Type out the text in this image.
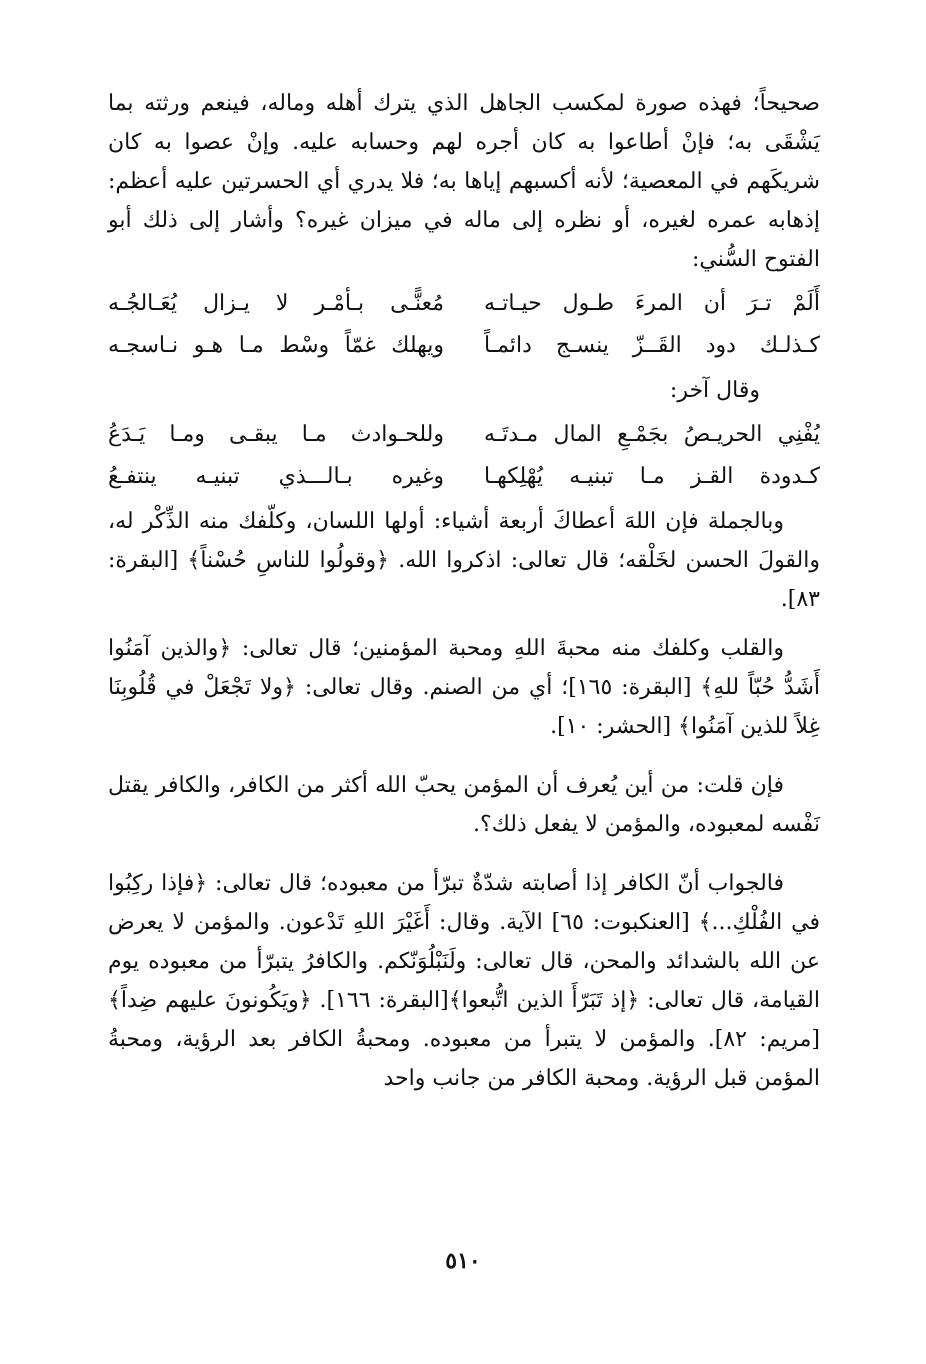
صحيحاً؛ فهذه صورة لمكسب الجاهل الذي يترك أهله وماله، فينعم ورثته بما يَشْقَى به؛ فإنْ أطاعوا به كان أجره لهم وحسابه عليه. وإنْ عصوا به كان شريكَهم في المعصية؛ لأنه أكسبهم إياها به؛ فلا يدري أي الحسرتين عليه أعظم: إذهابه عمره لغيره، أو نظره إلى ماله في ميزان غيره؟ وأشار إلى ذلك أبو الفتوح السُّني:

أَلَمْ تـرَ أن المرءَ طـول حيـاتـه
مُعنًّـى بـأمْـر لا يـزال يُعَـالجُـه
كـذلـك دود القَــزّ ينسـج دائمـاً
ويهلك غمّاً وسْط مـا هـو نـاسجـه

وقال آخر:

يُفْنِي الحريـصُ بجَمْـعِ المال مـدتَـه
وللحـوادث مـا يبقـى ومـا يَـدَعُ
كـدودة القـز مـا تبنيـه يُهْلِكهـا
وغيره بـالـــذي تبنيـه ينتفـعُ

وبالجملة فإن اللهَ أعطاكَ أربعة أشياء: أولها اللسان، وكلّفك منه الذِّكْر له، والقولَ الحسن لخَلْقه؛ قال تعالى: اذكروا الله. ﴿وقولُوا للناسِ حُسْناً﴾ [البقرة: ٨٣].

والقلب وكلفك منه محبةَ اللهِ ومحبة المؤمنين؛ قال تعالى: ﴿والذين آمَنُوا أَشَدُّ حُبّاً للهِ﴾ [البقرة: ١٦٥]؛ أي من الصنم. وقال تعالى: ﴿ولا تَجْعَلْ في قُلُوبِنَا غِلاً للذين آمَنُوا﴾ [الحشر: ١٠].

فإن قلت: من أين يُعرف أن المؤمن يحبّ الله أكثر من الكافر، والكافر يقتل نَفْسه لمعبوده، والمؤمن لا يفعل ذلك؟.

فالجواب أنّ الكافر إذا أصابته شدّةٌ تبرّأ من معبوده؛ قال تعالى: ﴿فإذا ركِبُوا في الفُلْكِ...﴾ [العنكبوت: ٦٥] الآية. وقال: أَغَيْرَ اللهِ تَدْعون. والمؤمن لا يعرض عن الله بالشدائد والمحن، قال تعالى: ولَنَبْلُوَنّكم. والكافرُ يتبرّأ من معبوده يوم القيامة، قال تعالى: ﴿إذ تَبَرّأَ الذين اتُّبعوا﴾[البقرة: ١٦٦]. ﴿ويَكُونونَ عليهم ضِداً﴾[مريم: ٨٢]. والمؤمن لا يتبرأ من معبوده. ومحبةُ الكافر بعد الرؤية، ومحبةُ المؤمن قبل الرؤية. ومحبة الكافر من جانب واحد

٥١٠
